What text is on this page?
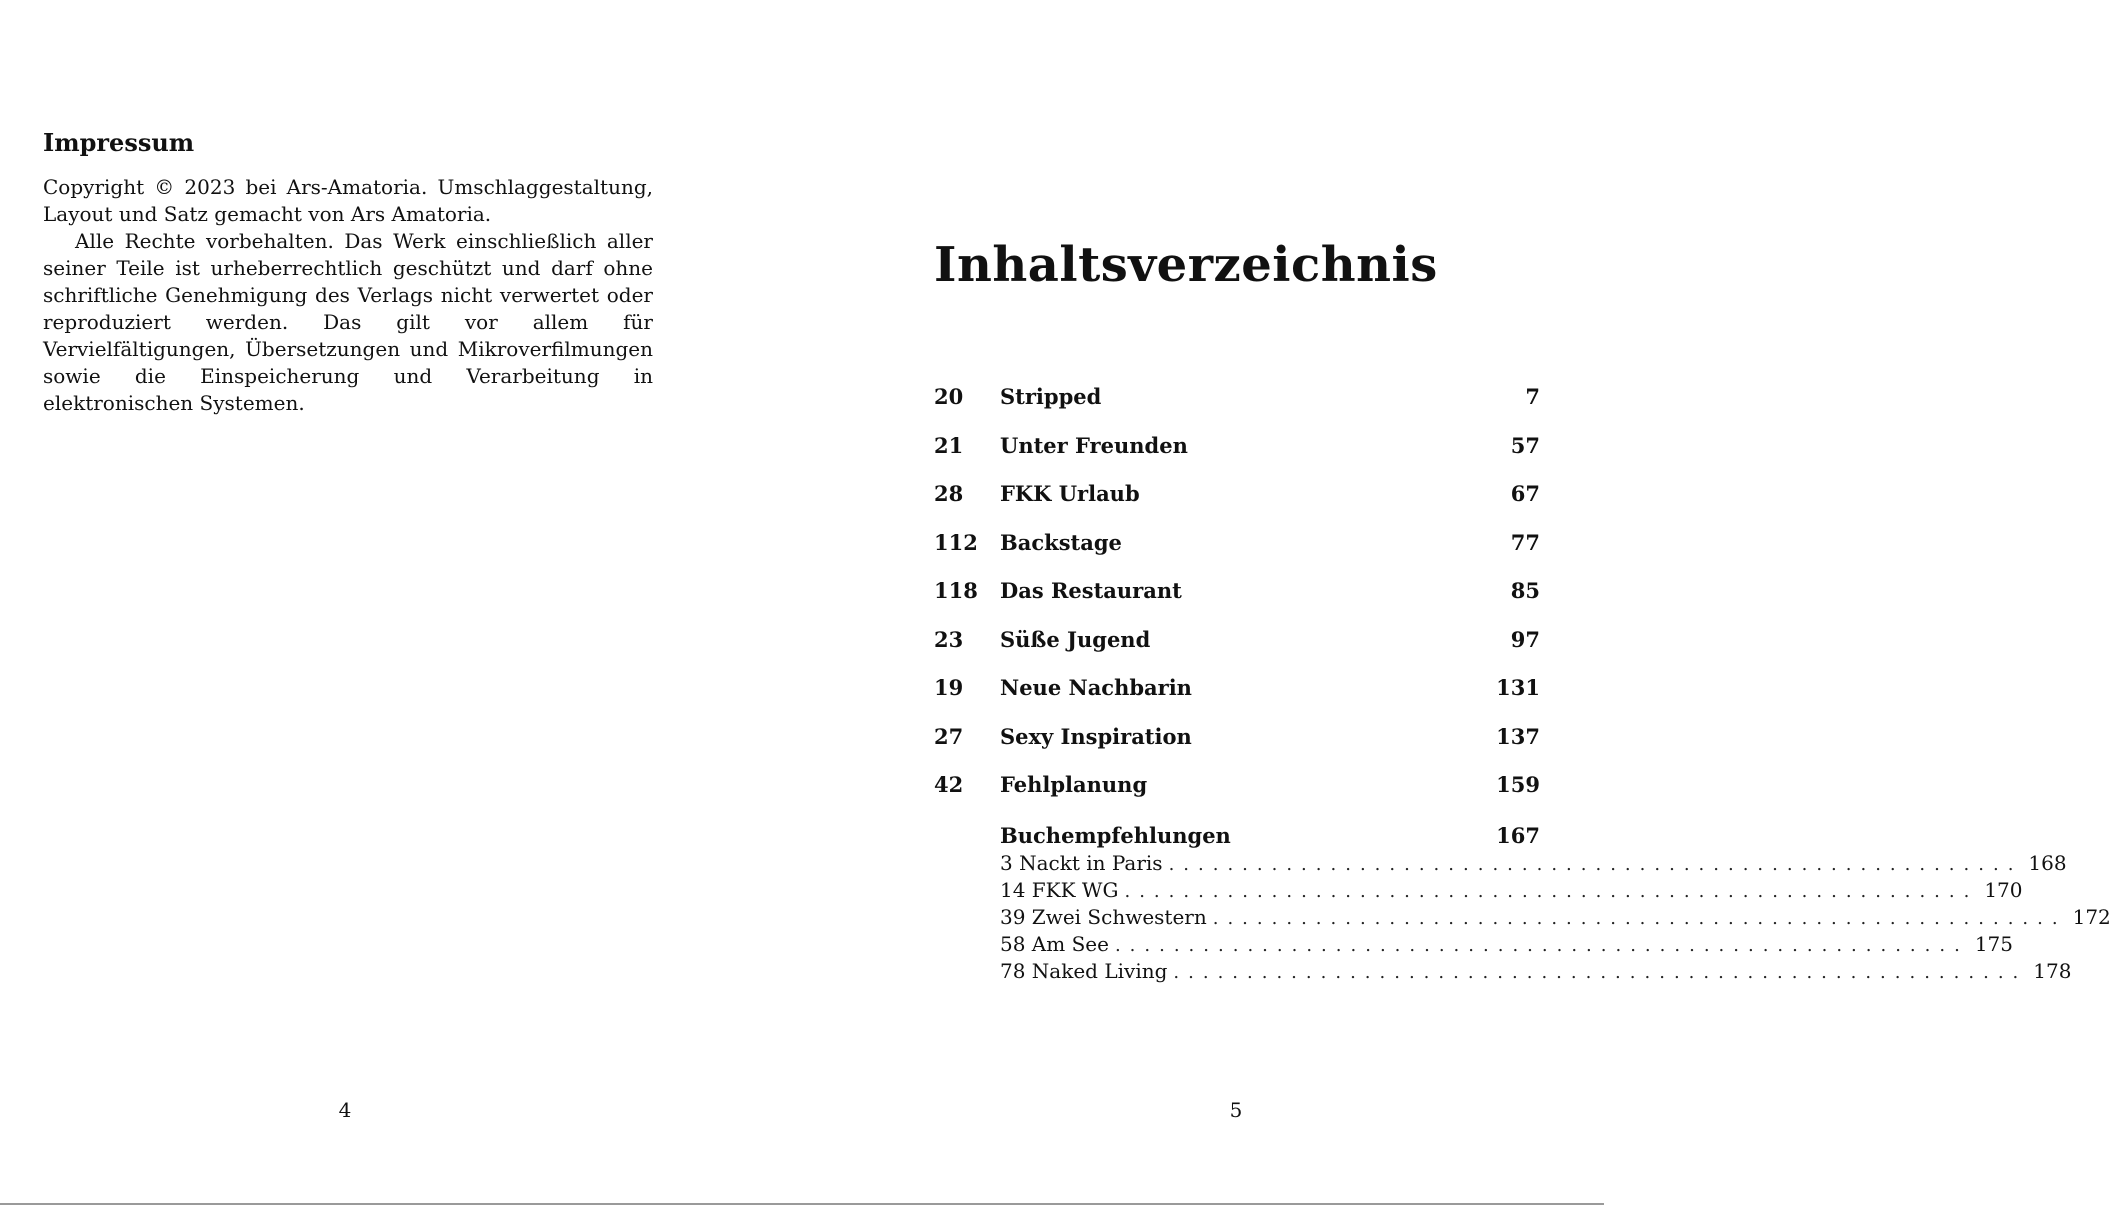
Impressum

Copyright © 2023 bei Ars-Amatoria. Umschlaggestaltung, Layout und Satz gemacht von Ars Amatoria.

Alle Rechte vorbehalten. Das Werk einschließlich aller seiner Teile ist urheberrechtlich geschützt und darf ohne schriftliche Genehmigung des Verlags nicht verwertet oder reproduziert werden. Das gilt vor allem für Vervielfältigungen, Übersetzungen und Mikroverfilmungen sowie die Einspeicherung und Verarbeitung in elektronischen Systemen.

4
Inhaltsverzeichnis
20 Stripped	7
21 Unter Freunden	57
28 FKK Urlaub	67
112 Backstage	77
118 Das Restaurant	85
23 Süße Jugend	97
19 Neue Nachbarin	131
27 Sexy Inspiration	137
42 Fehlplanung	159
Buchempfehlungen	167
3 Nackt in Paris .......................................................... 168
14 FKK WG .......................................................... 170
39 Zwei Schwestern .......................................................... 172
58 Am See .......................................................... 175
78 Naked Living .......................................................... 178
5
